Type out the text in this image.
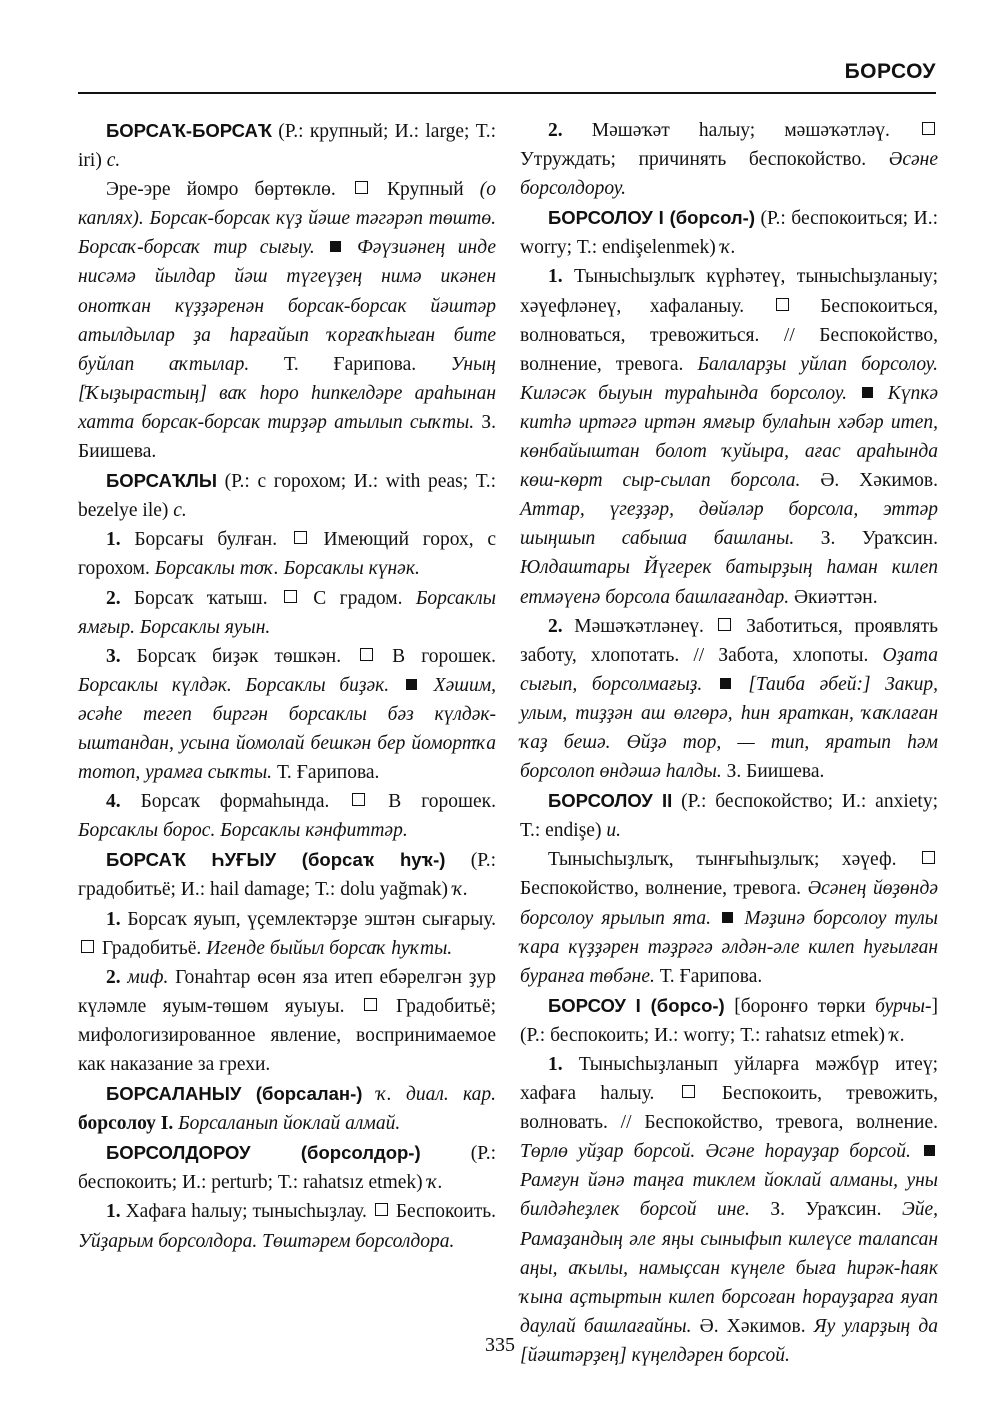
БОРСОУ

БОРСАҠ-БОРСАҠ (Р.: крупный; И.: large; Т.: iri) с.

Эре-эре йомро бөртөклө.  Крупный (о каплях). Борсак-борсак күҙ йәше тәгәрәп төштө. Борсаҡ-борсаҡ тир сығыу.  Фәүзиәнең инде нисәмә йылдар йәш түгеүҙең нимә икәнен онотҡан күҙҙәренән борсак-борсак йәштәр атылдылар ҙа һарғайып ҡорғаҡһыған бите буйлап аҡтылар. Т. Ғарипова. Уның [Ҡыҙырастың] ваҡ һоро һипкелдәре араһынан хатта борсак-борсак тирҙәр атылып сыҡты. З. Биишева.

БОРСАҠЛЫ (Р.: с горохом; И.: with peas; Т.: bezelye ile) с.

1. Борсағы булған.  Имеющий горох, с горохом. Борсаклы тоҡ. Борсаклы күнәк.

2. Борсаҡ ҡатыш.  С градом. Борсаклы ямғыр. Борсаклы яуын.

3. Борсаҡ биҙәк төшкән.  В горошек. Борсаклы күлдәк. Борсаклы биҙәк.  Хәшим, әсәһе тегеп биргән борсаклы бәз күлдәк-ыштандан, усына йомолай бешкән бер йомортҡа тотоп, урамға сыҡты. Т. Ғарипова.

4. Борсаҡ формаһында.  В горошек. Борсаклы борос. Борсаклы кәнфиттәр.

БОРСАҠ ҺУҒЫУ (борсаҡ һуҡ-) (Р.: градобитьё; И.: hail damage; Т.: dolu yağmak) ҡ.

1. Борсаҡ яуып, үҫемлектәрҙе эштән сығарыу.  Градобитьё. Игенде быйыл борсаҡ һуҡты.

2. миф. Гонаһтар өсөн яза итеп ебәрелгән ҙур күләмле яуым-төшөм яуыуы.  Градобитьё; мифологизированное явление, воспринимаемое как наказание за грехи.

БОРСАЛАНЫУ (борсалан-) ҡ. диал. кар. борсолоу I. Борсаланып йоклай алмай.

БОРСОЛДОРОУ (борсолдор-) (Р.: беспокоить; И.: perturb; Т.: rahatsız etmek) ҡ.

1. Хафаға һалыу; тынысһыҙлау.  Беспокоить. Уйҙарым борсолдора. Төштәрем борсолдора.

2. Мәшәҡәт һалыу; мәшәҡәтләү.  Утруждать; причинять беспокойство. Әсәне борсолдороу.

БОРСОЛОУ I (борсол-) (Р.: беспокоиться; И.: worry; Т.: endişelenmek) ҡ.

1. Тынысһыҙлыҡ күрһәтеү, тынысһыҙланыу; хәүефләнеү, хафаланыу.  Беспокоиться, волноваться, тревожиться. // Беспокойство, волнение, тревога. Балаларҙы уйлап борсолоу. Киләсәк быуын тураһында борсолоу.  Күпкә китһә иртәгә иртән ямғыр булаһын хәбәр итеп, көнбайыштан болот ҡуйыра, ағас араһында көш-көрт сыр-сылап борсола. Ә. Хәкимов. Аттар, үгеҙҙәр, дөйәләр борсола, эттәр шыңшып сабыша башланы. З. Ураҡсин. Юлдаштары Йүгерек батырҙың һаман килеп етмәүенә борсола башлағандар. Әкиәттән.

2. Мәшәҡәтләнеү.  Заботиться, проявлять заботу, хлопотать. // Забота, хлопоты. Оҙата сығып, борсолмағыҙ.  [Таиба әбей:] Закир, улым, тиҙҙән аш өлгөрә, һин яраткан, ҡаҡлаған ҡаҙ бешә. Өйҙә тор, — тип, яратып һәм борсолоп өндәшә һалды. З. Биишева.

БОРСОЛОУ II (Р.: беспокойство; И.: anxiety; Т.: endişe) и.

Тынысһыҙлыҡ, тынғыһыҙлыҡ; хәүеф.  Беспокойство, волнение, тревога. Әсәнең йөҙөндә борсолоу ярылып ята.  Мәҙинә борсолоу тулы ҡара күҙҙәрен тәҙрәгә әлдән-әле килеп һуғылған буранға төбәне. Т. Ғарипова.

БОРСОУ I (борсо-) [боронғо төрки бурчы-] (Р.: беспокоить; И.: worry; Т.: rahatsız etmek) ҡ.

1. Тынысһыҙланып уйларға мәжбүр итеү; хафаға һалыу.  Беспокоить, тревожить, волновать. // Беспокойство, тревога, волнение. Төрлө уйҙар борсой. Әсәне һорауҙар борсой.  Рамғун йәнә таңға тиклем йоклай алманы, уны билдәһеҙлек борсой ине. З. Ураҡсин. Эйе, Рамаҙандың әле яңы сыныфып килеүсе талапсан аңы, аҡылы, намыҫсан күңеле быға һирәк-һаяк ҡына аҫтыртын килеп борсоған һорауҙарға яуап даулай башлағайны. Ә. Хәкимов. Яу уларҙың да [йәштәрҙең] күңелдәрен борсой.

335
